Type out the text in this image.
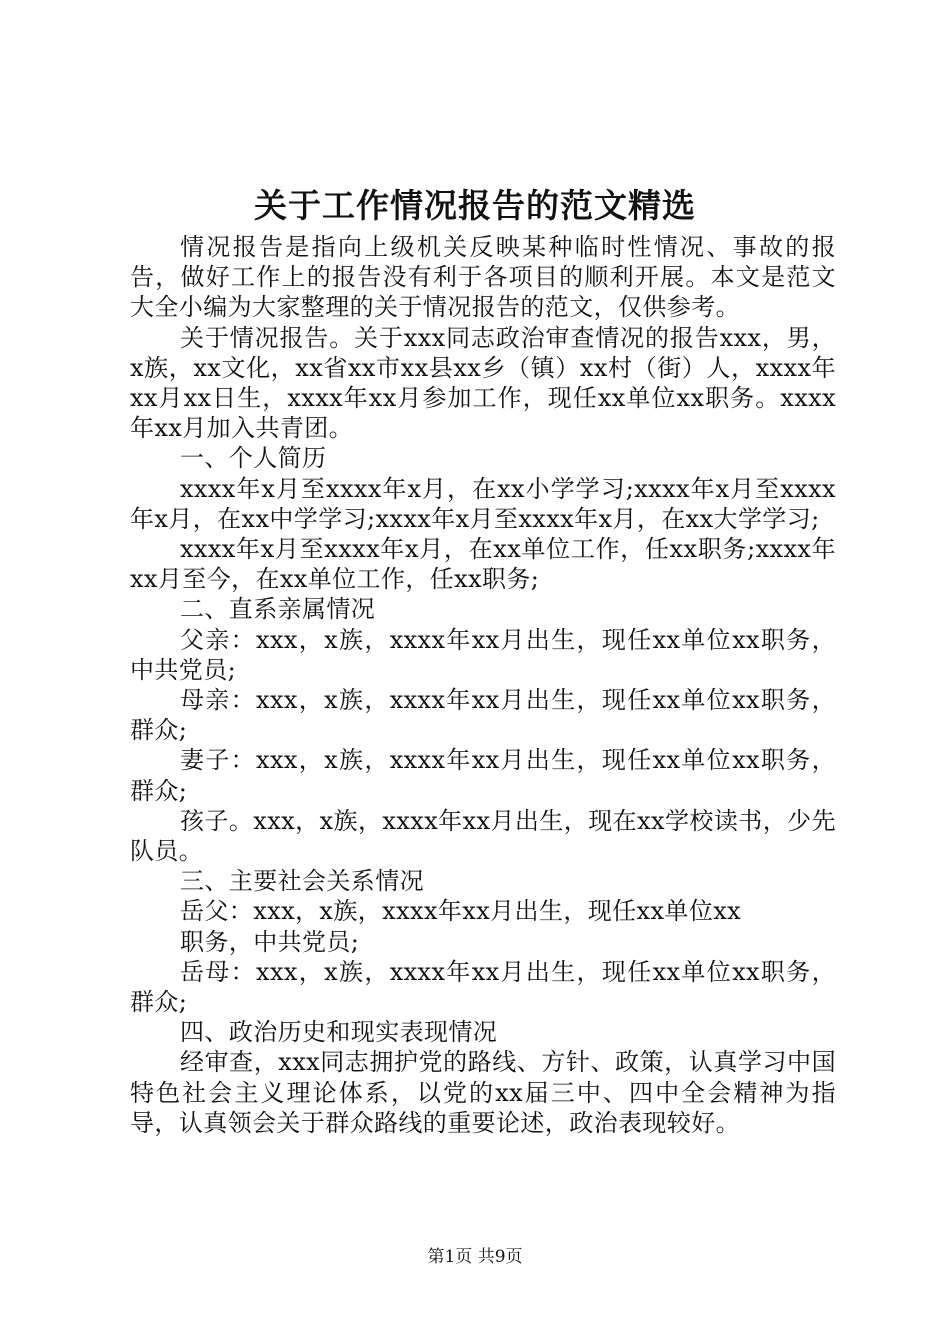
关于工作情况报告的范文精选

情况报告是指向上级机关反映某种临时性情况、事故的报告，做好工作上的报告没有利于各项目的顺利开展。本文是范文大全小编为大家整理的关于情况报告的范文，仅供参考。

关于情况报告。关于xxx同志政治审查情况的报告xxx，男，x族，xx文化，xx省xx市xx县xx乡（镇）xx村（街）人，xxxx年xx月xx日生，xxxx年xx月参加工作，现任xx单位xx职务。xxxx年xx月加入共青团。

一、个人简历

xxxx年x月至xxxx年x月，在xx小学学习;xxxx年x月至xxxx年x月，在xx中学学习;xxxx年x月至xxxx年x月，在xx大学学习;

xxxx年x月至xxxx年x月，在xx单位工作，任xx职务;xxxx年xx月至今，在xx单位工作，任xx职务;

二、直系亲属情况

父亲：xxx，x族，xxxx年xx月出生，现任xx单位xx职务，中共党员;

母亲：xxx，x族，xxxx年xx月出生，现任xx单位xx职务，群众;

妻子：xxx，x族，xxxx年xx月出生，现任xx单位xx职务，群众;

孩子。xxx，x族，xxxx年xx月出生，现在xx学校读书，少先队员。

三、主要社会关系情况

岳父：xxx，x族，xxxx年xx月出生，现任xx单位xx

职务，中共党员;

岳母：xxx，x族，xxxx年xx月出生，现任xx单位xx职务，群众;

四、政治历史和现实表现情况

经审查，xxx同志拥护党的路线、方针、政策，认真学习中国特色社会主义理论体系，以党的xx届三中、四中全会精神为指导，认真领会关于群众路线的重要论述，政治表现较好。

第1页 共9页
